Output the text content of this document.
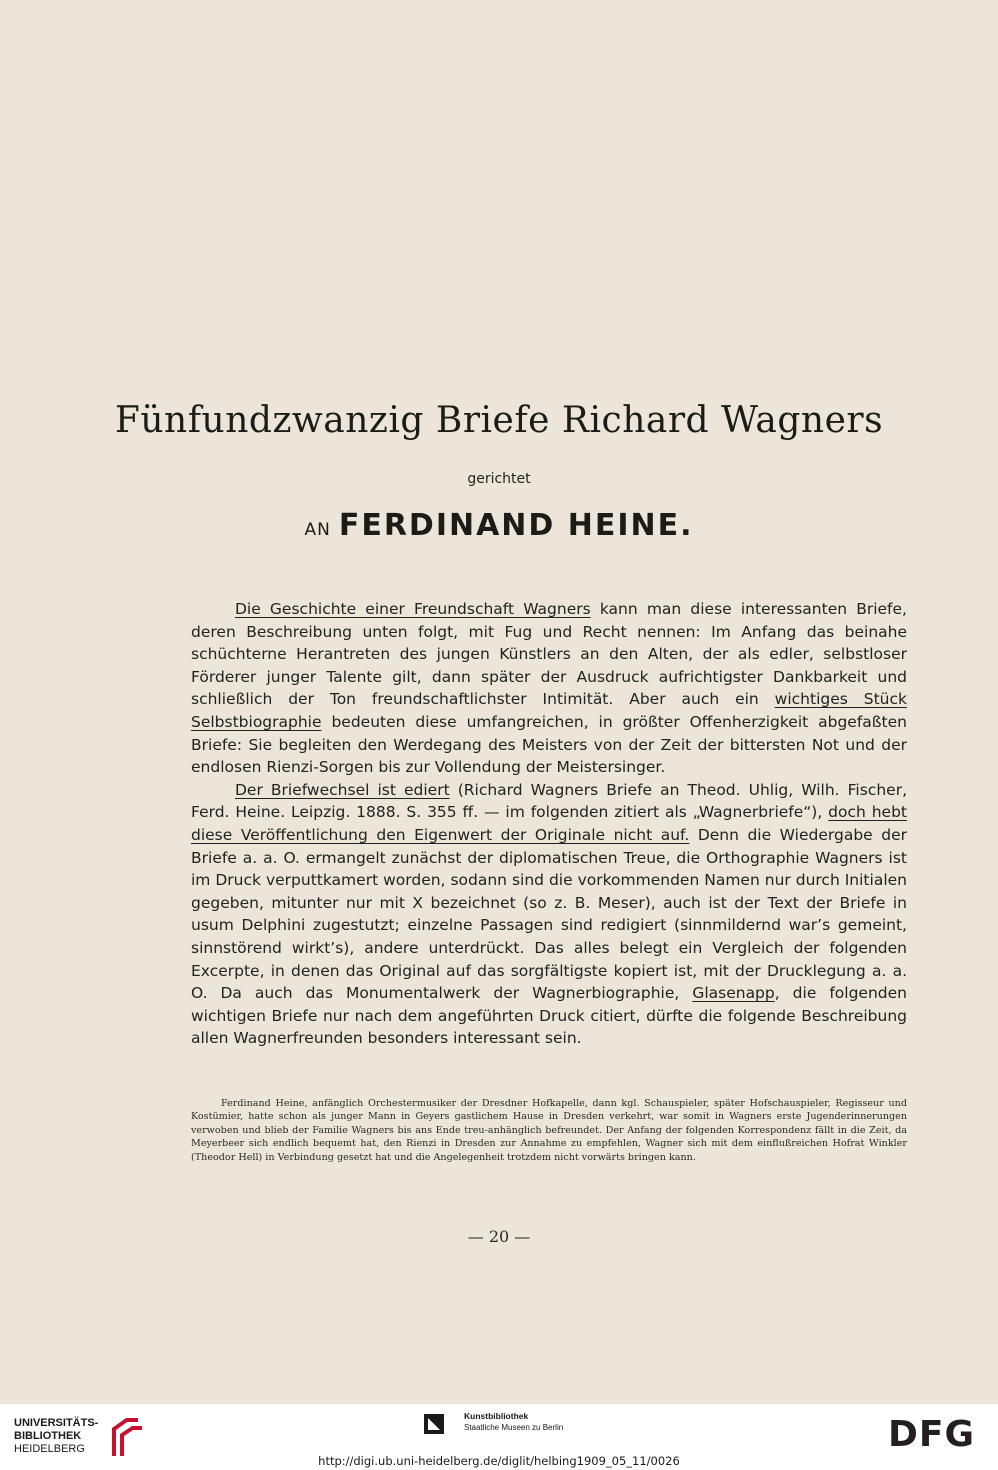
Fünfundzwanzig Briefe Richard Wagners
gerichtet
AN FERDINAND HEINE.

Die Geschichte einer Freundschaft Wagners kann man diese interessanten Briefe, deren Beschreibung unten folgt, mit Fug und Recht nennen: Im Anfang das beinahe schüchterne Herantreten des jungen Künstlers an den Alten, der als edler, selbstloser Förderer junger Talente gilt, dann später der Ausdruck aufrichtigster Dankbarkeit und schließlich der Ton freundschaftlichster Intimität. Aber auch ein wichtiges Stück Selbstbiographie bedeuten diese umfangreichen, in größter Offenherzigkeit abgefaßten Briefe: Sie begleiten den Werdegang des Meisters von der Zeit der bittersten Not und der endlosen Rienzi-Sorgen bis zur Vollendung der Meistersinger.

Der Briefwechsel ist ediert (Richard Wagners Briefe an Theod. Uhlig, Wilh. Fischer, Ferd. Heine. Leipzig. 1888. S. 355 ff. — im folgenden zitiert als „Wagnerbriefe“), doch hebt diese Veröffentlichung den Eigenwert der Originale nicht auf. Denn die Wiedergabe der Briefe a. a. O. ermangelt zunächst der diplomatischen Treue, die Orthographie Wagners ist im Druck verputtkamert worden, sodann sind die vorkommenden Namen nur durch Initialen gegeben, mitunter nur mit X bezeichnet (so z. B. Meser), auch ist der Text der Briefe in usum Delphini zugestutzt; einzelne Passagen sind redigiert (sinnmildernd war’s gemeint, sinnstörend wirkt’s), andere unterdrückt. Das alles belegt ein Vergleich der folgenden Excerpte, in denen das Original auf das sorgfältigste kopiert ist, mit der Drucklegung a. a. O. Da auch das Monumentalwerk der Wagnerbiographie, Glasenapp, die folgenden wichtigen Briefe nur nach dem angeführten Druck citiert, dürfte die folgende Beschreibung allen Wagnerfreunden besonders interessant sein.

Ferdinand Heine, anfänglich Orchestermusiker der Dresdner Hofkapelle, dann kgl. Schauspieler, später Hofschauspieler, Regisseur und Kostümier, hatte schon als junger Mann in Geyers gastlichem Hause in Dresden verkehrt, war somit in Wagners erste Jugenderinnerungen verwoben und blieb der Familie Wagners bis ans Ende treu-anhänglich befreundet. Der Anfang der folgenden Korrespondenz fällt in die Zeit, da Meyerbeer sich endlich bequemt hat, den Rienzi in Dresden zur Annahme zu empfehlen, Wagner sich mit dem einflußreichen Hofrat Winkler (Theodor Hell) in Verbindung gesetzt hat und die Angelegenheit trotzdem nicht vorwärts bringen kann.

— 20 —
UNIVERSITÄTS-
BIBLIOTHEK
HEIDELBERG
Kunstbibliothek
Staatliche Museen zu Berlin	DFG
http://digi.ub.uni-heidelberg.de/diglit/helbing1909_05_11/0026
